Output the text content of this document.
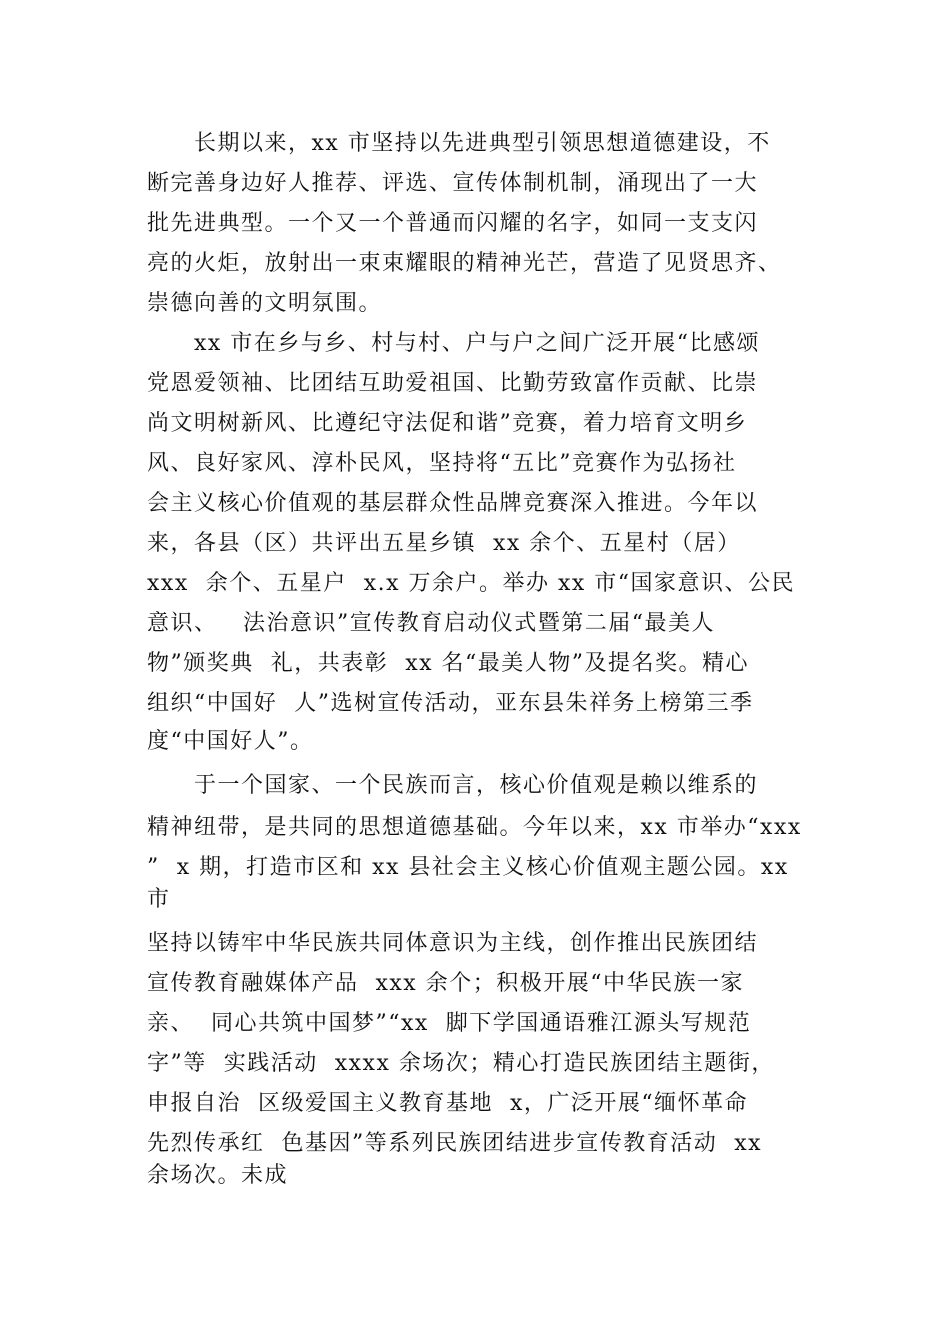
　　长期以来，xx 市坚持以先进典型引领思想道德建设，不
断完善身边好人推荐、评选、宣传体制机制，涌现出了一大
批先进典型。一个又一个普通而闪耀的名字，如同一支支闪
亮的火炬，放射出一束束耀眼的精神光芒，营造了见贤思齐、
崇德向善的文明氛围。
　　xx 市在乡与乡、村与村、户与户之间广泛开展“比感颂
党恩爱领袖、比团结互助爱祖国、比勤劳致富作贡献、比崇
尚文明树新风、比遵纪守法促和谐”竞赛，着力培育文明乡
风、良好家风、淳朴民风，坚持将“五比”竞赛作为弘扬社
会主义核心价值观的基层群众性品牌竞赛深入推进。今年以
来，各县（区）共评出五星乡镇  xx 余个、五星村（居）
xxx  余个、五星户  x.x 万余户。举办 xx 市“国家意识、公民
意识、   法治意识”宣传教育启动仪式暨第二届“最美人
物”颁奖典  礼，共表彰  xx 名“最美人物”及提名奖。精心
组织“中国好  人”选树宣传活动，亚东县朱祥务上榜第三季
度“中国好人”。
　　于一个国家、一个民族而言，核心价值观是赖以维系的
精神纽带，是共同的思想道德基础。今年以来，xx 市举办“xxx
”  x 期，打造市区和 xx 县社会主义核心价值观主题公园。xx
市
坚持以铸牢中华民族共同体意识为主线，创作推出民族团结
宣传教育融媒体产品  xxx 余个；积极开展“中华民族一家
亲、  同心共筑中国梦”“xx  脚下学国通语雅江源头写规范
字”等  实践活动  xxxx 余场次；精心打造民族团结主题街，
申报自治  区级爱国主义教育基地  x，广泛开展“缅怀革命
先烈传承红  色基因”等系列民族团结进步宣传教育活动  xx
余场次。未成
